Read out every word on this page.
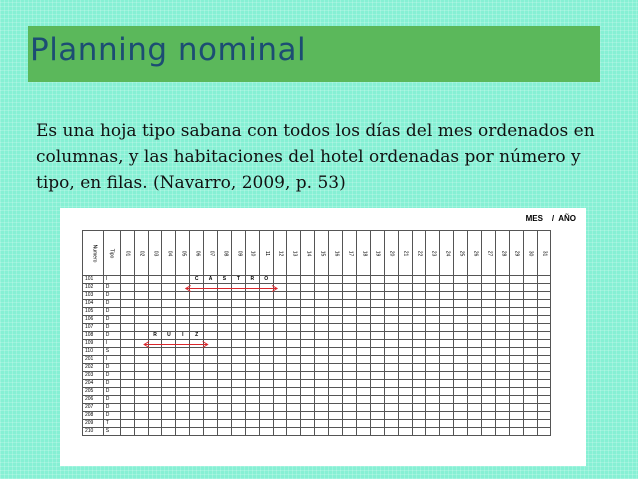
Planning nominal
Es una hoja tipo sabana con todos los días del mes ordenados en columnas, y las habitaciones del hotel ordenadas por número y tipo, en filas. (Navarro, 2009, p. 53)
MES    /  AÑO
Numero	Tipo	01	02	03	04	05	06	07	08	09	10	11	12	13	14	15	16	17	18	19	20	21	22	23	24	25	26	27	28	29	30	31
101	I						C	A	S	T	R	O																				
102	D																															
103	D																															
104	D																															
105	D																															
106	D																															
107	D																															
108	D			R	U	I	Z																									
109	I																															
110	S																															
201	I																															
202	D																															
203	D																															
204	D																															
205	D																															
206	D																															
207	D																															
208	D																															
209	T																															
210	S																															
